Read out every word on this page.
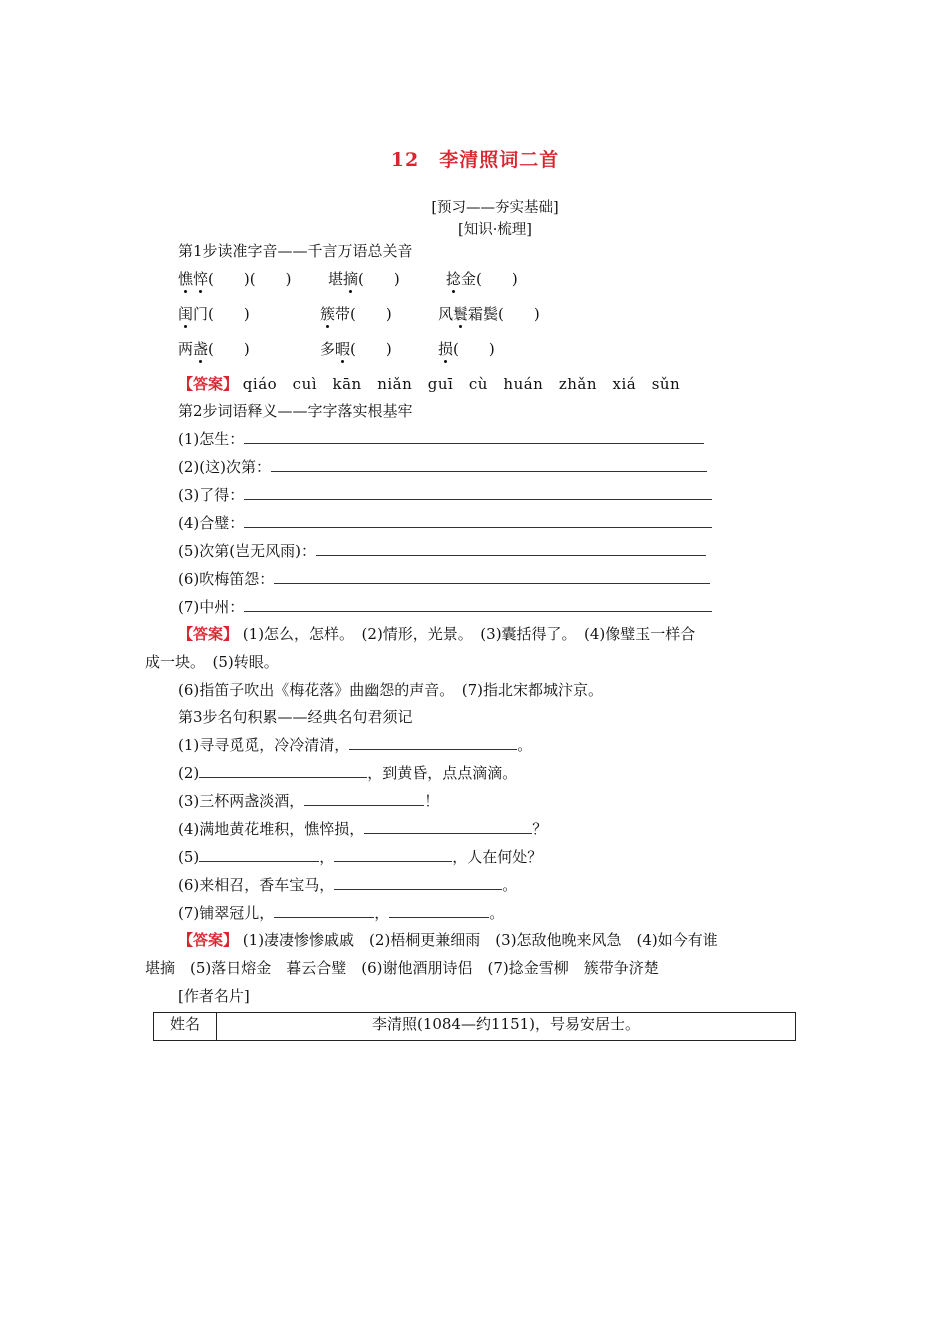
12　李清照词二首
[预习——夯实基础]
[知识·梳理]
第1步读准字音——千言万语总关音
憔悴(　　)(　　) 堪摘(　　)	捻金(　　)
闺门(　　)	簇带(　　)	风鬟霜鬓(　　)
两盏(　　)	多暇(　　)	损(　　)
【答案】 qiáo　cuì　kān　niǎn　guī　cù　huán　zhǎn　xiá　sǔn
第2步词语释义——字字落实根基牢
(1)怎生：
(2)(这)次第：
(3)了得：
(4)合璧：
(5)次第(岂无风雨)：
(6)吹梅笛怨：
(7)中州：
【答案】 (1)怎么，怎样。　(2)情形，光景。　(3)囊括得了。　(4)像璧玉一样合
成一块。　(5)转眼。
(6)指笛子吹出《梅花落》曲幽怨的声音。　(7)指北宋都城汴京。
第3步名句积累——经典名句君须记
(1)寻寻觅觅，冷冷清清，	。
(2)	，到黄昏，点点滴滴。
(3)三杯两盏淡酒，	！
(4)满地黄花堆积，憔悴损，	？
(5)	，	，人在何处？
(6)来相召，香车宝马，	。
(7)铺翠冠儿，	，	。
【答案】 (1)凄凄惨惨戚戚　(2)梧桐更兼细雨　(3)怎敌他晚来风急　(4)如今有谁
堪摘　(5)落日熔金　暮云合璧　(6)谢他酒朋诗侣　(7)捻金雪柳　簇带争济楚
[作者名片]
姓名	李清照(1084—约1151)，号易安居士。
